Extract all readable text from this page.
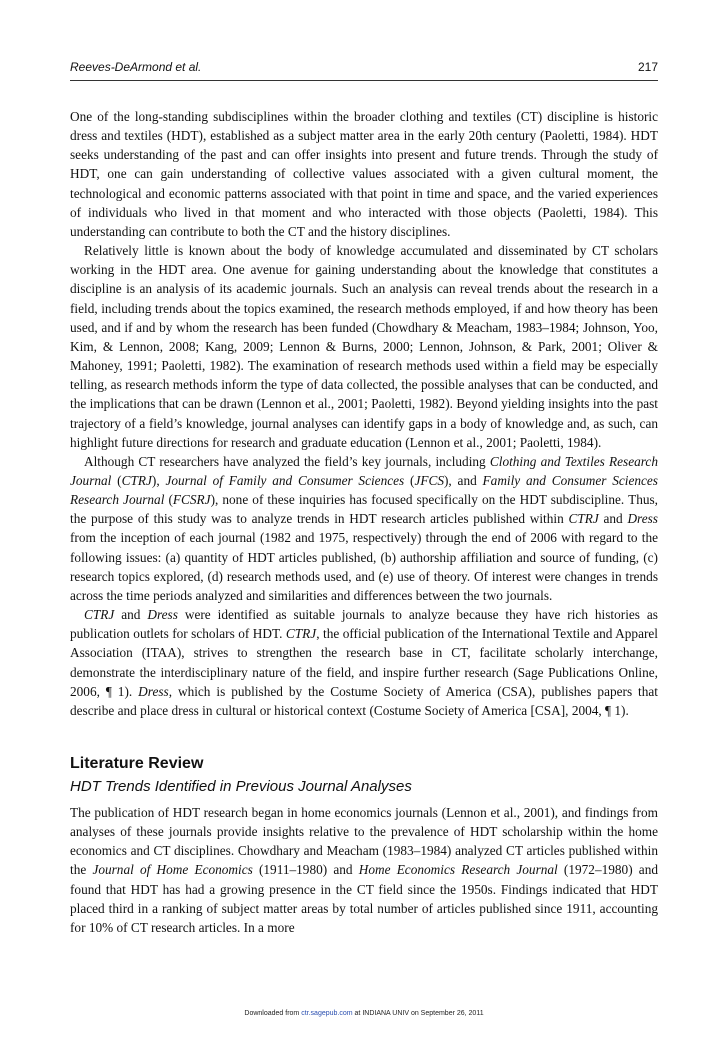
Reeves-DeArmond et al.	217

One of the long-standing subdisciplines within the broader clothing and textiles (CT) discipline is historic dress and textiles (HDT), established as a subject matter area in the early 20th century (Paoletti, 1984). HDT seeks understanding of the past and can offer insights into present and future trends. Through the study of HDT, one can gain understanding of collective values associated with a given cultural moment, the technological and economic patterns associated with that point in time and space, and the varied experiences of individuals who lived in that moment and who interacted with those objects (Paoletti, 1984). This understanding can contribute to both the CT and the history disciplines.

Relatively little is known about the body of knowledge accumulated and disseminated by CT scholars working in the HDT area. One avenue for gaining understanding about the knowledge that constitutes a discipline is an analysis of its academic journals. Such an analysis can reveal trends about the research in a field, including trends about the topics examined, the research methods employed, if and how theory has been used, and if and by whom the research has been funded (Chowdhary & Meacham, 1983–1984; Johnson, Yoo, Kim, & Lennon, 2008; Kang, 2009; Lennon & Burns, 2000; Lennon, Johnson, & Park, 2001; Oliver & Mahoney, 1991; Paoletti, 1982). The examination of research methods used within a field may be especially telling, as research methods inform the type of data collected, the possible analyses that can be conducted, and the implications that can be drawn (Lennon et al., 2001; Paoletti, 1982). Beyond yielding insights into the past trajectory of a field’s knowledge, journal analyses can identify gaps in a body of knowledge and, as such, can highlight future directions for research and graduate education (Lennon et al., 2001; Paoletti, 1984).

Although CT researchers have analyzed the field’s key journals, including Clothing and Textiles Research Journal (CTRJ), Journal of Family and Consumer Sciences (JFCS), and Family and Consumer Sciences Research Journal (FCSRJ), none of these inquiries has focused specifically on the HDT subdiscipline. Thus, the purpose of this study was to analyze trends in HDT research articles published within CTRJ and Dress from the inception of each journal (1982 and 1975, respectively) through the end of 2006 with regard to the following issues: (a) quantity of HDT articles published, (b) authorship affiliation and source of funding, (c) research topics explored, (d) research methods used, and (e) use of theory. Of interest were changes in trends across the time periods analyzed and similarities and differences between the two journals.

CTRJ and Dress were identified as suitable journals to analyze because they have rich histories as publication outlets for scholars of HDT. CTRJ, the official publication of the International Textile and Apparel Association (ITAA), strives to strengthen the research base in CT, facilitate scholarly interchange, demonstrate the interdisciplinary nature of the field, and inspire further research (Sage Publications Online, 2006, ¶ 1). Dress, which is published by the Costume Society of America (CSA), publishes papers that describe and place dress in cultural or historical context (Costume Society of America [CSA], 2004, ¶ 1).

Literature Review
HDT Trends Identified in Previous Journal Analyses

The publication of HDT research began in home economics journals (Lennon et al., 2001), and findings from analyses of these journals provide insights relative to the prevalence of HDT scholarship within the home economics and CT disciplines. Chowdhary and Meacham (1983–1984) analyzed CT articles published within the Journal of Home Economics (1911–1980) and Home Economics Research Journal (1972–1980) and found that HDT has had a growing presence in the CT field since the 1950s. Findings indicated that HDT placed third in a ranking of subject matter areas by total number of articles published since 1911, accounting for 10% of CT research articles. In a more

Downloaded from ctr.sagepub.com at INDIANA UNIV on September 26, 2011
